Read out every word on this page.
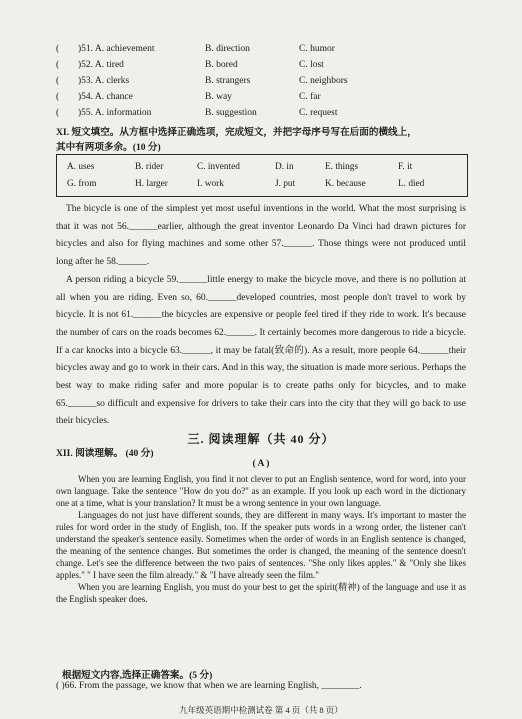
( )51. A. achievement	B. direction	C. humor
( )52. A. tired	B. bored	C. lost
( )53. A. clerks	B. strangers	C. neighbors
( )54. A. chance	B. way	C. far
( )55. A. information	B. suggestion	C. request
XI. 短文填空。从方框中选择正确选项，完成短文，并把字母序号写在后面的横线上，
其中有两项多余。(10 分)
A. uses	B. rider	C. invented	D. in	E. things	F. it
G. from	H. larger	I. work	J. put	K. because	L. died

The bicycle is one of the simplest yet most useful inventions in the world. What the most surprising is that it was not 56.______earlier, although the great inventor Leonardo Da Vinci had drawn pictures for bicycles and also for flying machines and some other 57.______. Those things were not produced until long after he 58.______.

A person riding a bicycle 59.______little energy to make the bicycle move, and there is no pollution at all when you are riding. Even so, 60.______developed countries, most people don't travel to work by bicycle. It is not 61.______the bicycles are expensive or people feel tired if they ride to work. It's because the number of cars on the roads becomes 62.______. It certainly becomes more dangerous to ride a bicycle. If a car knocks into a bicycle 63.______, it may be fatal(致命的). As a result, more people 64.______their bicycles away and go to work in their cars. And in this way, the situation is made more serious. Perhaps the best way to make riding safer and more popular is to create paths only for bicycles, and to make 65.______so difficult and expensive for drivers to take their cars into the city that they will go back to use their bicycles.

三. 阅读理解（共 40 分）
XII. 阅读理解。 (40 分)
( A )

When you are learning English, you find it not clever to put an English sentence, word for word, into your own language. Take the sentence "How do you do?" as an example. If you look up each word in the dictionary one at a time, what is your translation? It must be a wrong sentence in your own language.

Languages do not just have different sounds, they are different in many ways. It's important to master the rules for word order in the study of English, too. If the speaker puts words in a wrong order, the listener can't understand the speaker's sentence easily. Sometimes when the order of words in an English sentence is changed, the meaning of the sentence changes. But sometimes the order is changed, the meaning of the sentence doesn't change. Let's see the difference between the two pairs of sentences. "She only likes apples." & "Only she likes apples." " I have seen the film already." & "I have already seen the film."

When you are learning English, you must do your best to get the spirit(精神) of the language and use it as the English speaker does.

根据短文内容,选择正确答案。(5 分)
( )66. From the passage, we know that when we are learning English, ________.
九年级英语期中检测试卷 第 4 页（共 8 页）
